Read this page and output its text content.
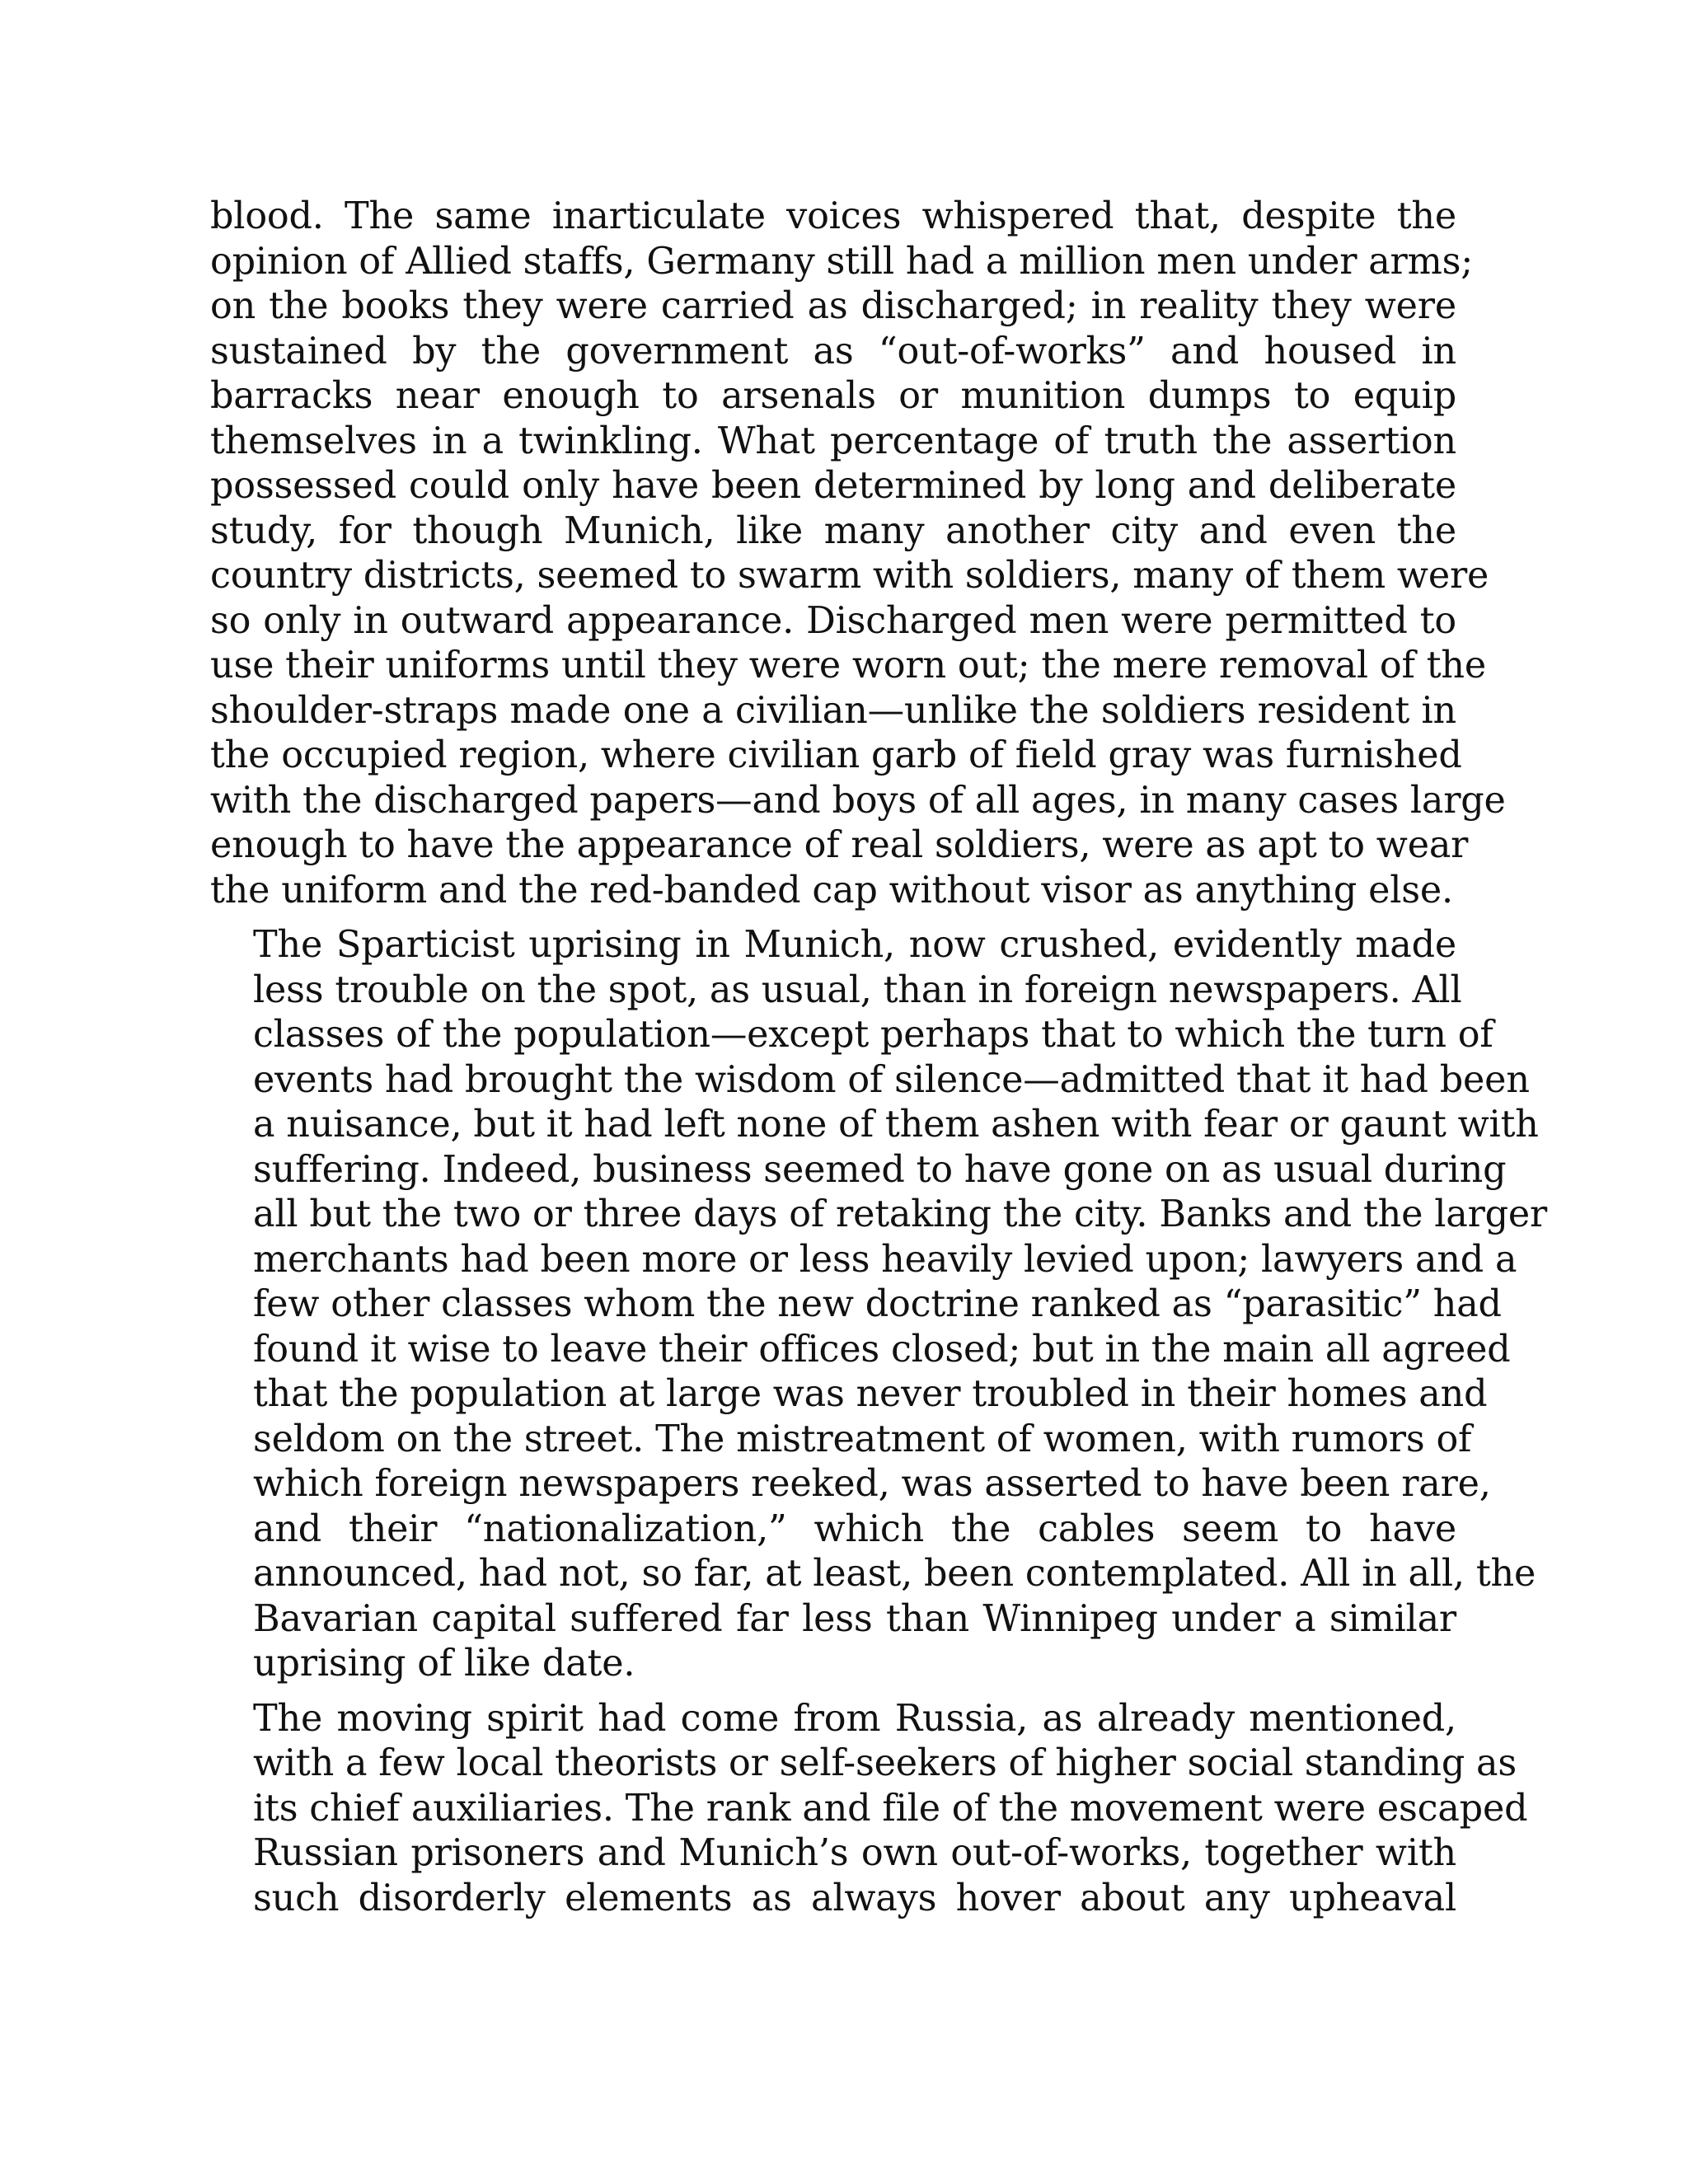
blood. The same inarticulate voices whispered that, despite the
opinion of Allied staffs, Germany still had a million men under arms;
on the books they were carried as discharged; in reality they were
sustained by the government as “out-of-works” and housed in
barracks near enough to arsenals or munition dumps to equip
themselves in a twinkling. What percentage of truth the assertion
possessed could only have been determined by long and deliberate
study, for though Munich, like many another city and even the
country districts, seemed to swarm with soldiers, many of them were
so only in outward appearance. Discharged men were permitted to
use their uniforms until they were worn out; the mere removal of the
shoulder-straps made one a civilian—unlike the soldiers resident in
the occupied region, where civilian garb of field gray was furnished
with the discharged papers—and boys of all ages, in many cases large
enough to have the appearance of real soldiers, were as apt to wear
the uniform and the red-banded cap without visor as anything else.
The Sparticist uprising in Munich, now crushed, evidently made
less trouble on the spot, as usual, than in foreign newspapers. All
classes of the population—except perhaps that to which the turn of
events had brought the wisdom of silence—admitted that it had been
a nuisance, but it had left none of them ashen with fear or gaunt with
suffering. Indeed, business seemed to have gone on as usual during
all but the two or three days of retaking the city. Banks and the larger
merchants had been more or less heavily levied upon; lawyers and a
few other classes whom the new doctrine ranked as “parasitic” had
found it wise to leave their offices closed; but in the main all agreed
that the population at large was never troubled in their homes and
seldom on the street. The mistreatment of women, with rumors of
which foreign newspapers reeked, was asserted to have been rare,
and their “nationalization,” which the cables seem to have
announced, had not, so far, at least, been contemplated. All in all, the
Bavarian capital suffered far less than Winnipeg under a similar
uprising of like date.
The moving spirit had come from Russia, as already mentioned,
with a few local theorists or self-seekers of higher social standing as
its chief auxiliaries. The rank and file of the movement were escaped
Russian prisoners and Munich’s own out-of-works, together with
such disorderly elements as always hover about any upheaval
